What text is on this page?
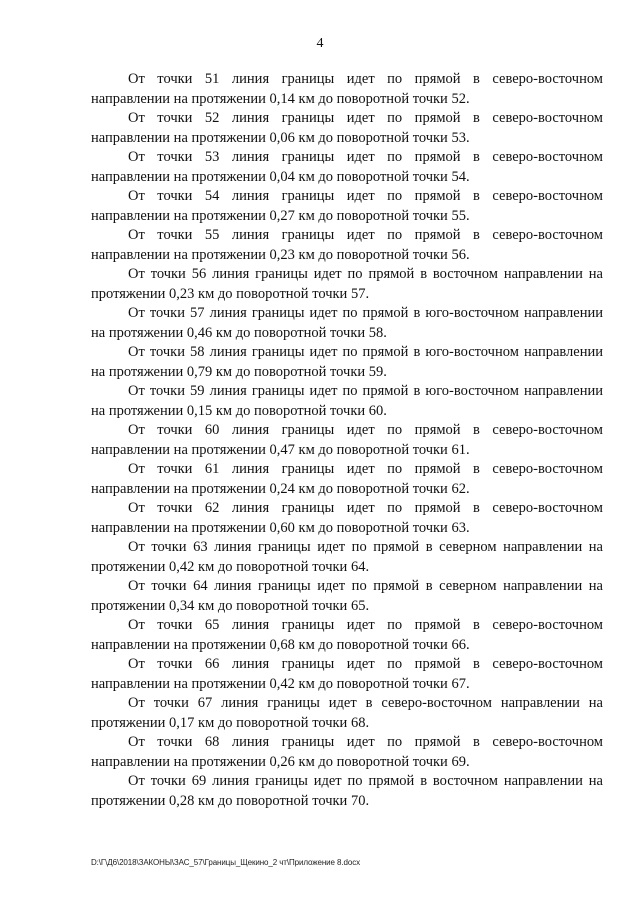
4

От точки 51 линия границы идет по прямой в северо-восточном
направлении на протяжении 0,14 км до поворотной точки 52.

От точки 52 линия границы идет по прямой в северо-восточном
направлении на протяжении 0,06 км до поворотной точки 53.

От точки 53 линия границы идет по прямой в северо-восточном
направлении на протяжении 0,04 км до поворотной точки 54.

От точки 54 линия границы идет по прямой в северо-восточном
направлении на протяжении 0,27 км до поворотной точки 55.

От точки 55 линия границы идет по прямой в северо-восточном
направлении на протяжении 0,23 км до поворотной точки 56.

От точки 56 линия границы идет по прямой в восточном направлении на
протяжении 0,23 км до поворотной точки 57.

От точки 57 линия границы идет по прямой в юго-восточном направлении
на протяжении 0,46 км до поворотной точки 58.

От точки 58 линия границы идет по прямой в юго-восточном направлении
на протяжении 0,79 км до поворотной точки 59.

От точки 59 линия границы идет по прямой в юго-восточном направлении
на протяжении 0,15 км до поворотной точки 60.

От точки 60 линия границы идет по прямой в северо-восточном
направлении на протяжении 0,47 км до поворотной точки 61.

От точки 61 линия границы идет по прямой в северо-восточном
направлении на протяжении 0,24 км до поворотной точки 62.

От точки 62 линия границы идет по прямой в северо-восточном
направлении на протяжении 0,60 км до поворотной точки 63.

От точки 63 линия границы идет по прямой в северном направлении на
протяжении 0,42 км до поворотной точки 64.

От точки 64 линия границы идет по прямой в северном направлении на
протяжении 0,34 км до поворотной точки 65.

От точки 65 линия границы идет по прямой в северо-восточном
направлении на протяжении 0,68 км до поворотной точки 66.

От точки 66 линия границы идет по прямой в северо-восточном
направлении на протяжении 0,42 км до поворотной точки 67.

От точки 67 линия границы идет в северо-восточном направлении на
протяжении 0,17 км до поворотной точки 68.

От точки 68 линия границы идет по прямой в северо-восточном
направлении на протяжении 0,26 км до поворотной точки 69.

От точки 69 линия границы идет по прямой в восточном направлении на
протяжении 0,28 км до поворотной точки 70.

D:\Г\Д6\2018\ЗАКОНЫ\ЗАС_57\Границы_Щекино_2 чт\Приложение 8.docx
